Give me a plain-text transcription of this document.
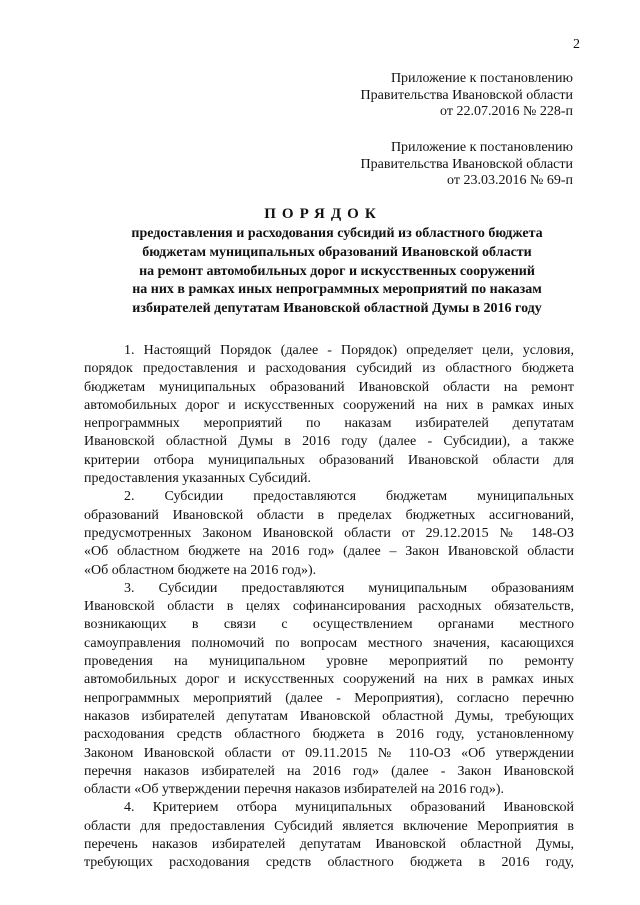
2
Приложение к постановлению
Правительства Ивановской области
от 22.07.2016 № 228-п
Приложение к постановлению
Правительства Ивановской области
от 23.03.2016 № 69-п
ПОРЯДОК
предоставления и расходования субсидий из областного бюджета
бюджетам муниципальных образований Ивановской области
на ремонт автомобильных дорог и искусственных сооружений
на них в рамках иных непрограммных мероприятий по наказам
избирателей депутатам Ивановской областной Думы в 2016 году
1. Настоящий Порядок (далее - Порядок) определяет цели, условия,
порядок предоставления и расходования субсидий из областного бюджета
бюджетам муниципальных образований Ивановской области на ремонт
автомобильных дорог и искусственных сооружений на них в рамках иных
непрограммных мероприятий по наказам избирателей депутатам
Ивановской областной Думы в 2016 году (далее - Субсидии), а также
критерии отбора муниципальных образований Ивановской области для
предоставления указанных Субсидий.
2. Субсидии предоставляются бюджетам муниципальных
образований Ивановской области в пределах бюджетных ассигнований,
предусмотренных Законом Ивановской области от 29.12.2015 № 148-ОЗ
«Об областном бюджете на 2016 год» (далее – Закон Ивановской области
«Об областном бюджете на 2016 год»).
3. Субсидии предоставляются муниципальным образованиям
Ивановской области в целях софинансирования расходных обязательств,
возникающих в связи с осуществлением органами местного
самоуправления полномочий по вопросам местного значения, касающихся
проведения на муниципальном уровне мероприятий по ремонту
автомобильных дорог и искусственных сооружений на них в рамках иных
непрограммных мероприятий (далее - Мероприятия), согласно перечню
наказов избирателей депутатам Ивановской областной Думы, требующих
расходования средств областного бюджета в 2016 году, установленному
Законом Ивановской области от 09.11.2015 № 110-ОЗ «Об утверждении
перечня наказов избирателей на 2016 год» (далее - Закон Ивановской
области «Об утверждении перечня наказов избирателей на 2016 год»).
4. Критерием отбора муниципальных образований Ивановской
области для предоставления Субсидий является включение Мероприятия в
перечень наказов избирателей депутатам Ивановской областной Думы,
требующих расходования средств областного бюджета в 2016 году,
